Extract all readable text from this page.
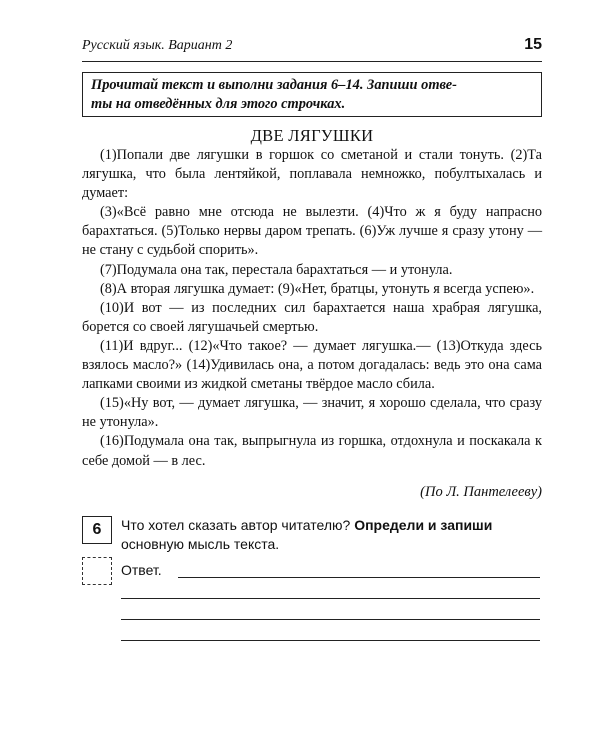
Русский язык. Вариант 2	15
Прочитай текст и выполни задания 6–14. Запиши отве-
ты на отведённых для этого строчках.
ДВЕ ЛЯГУШКИ

(1)Попали две лягушки в горшок со сметаной и стали тонуть. (2)Та лягушка, что была лентяйкой, поплавала немножко, побултыхалась и думает:

(3)«Всё равно мне отсюда не вылезти. (4)Что ж я буду напрасно барахтаться. (5)Только нервы даром трепать. (6)Уж лучше я сразу утону — не стану с судьбой спорить».

(7)Подумала она так, перестала барахтаться — и утонула.

(8)А вторая лягушка думает: (9)«Нет, братцы, утонуть я всегда успею».

(10)И вот — из последних сил барахтается наша храбрая лягушка, борется со своей лягушачьей смертью.

(11)И вдруг... (12)«Что такое? — думает лягушка.— (13)Откуда здесь взялось масло?» (14)Удивилась она, а потом догадалась: ведь это она сама лапками своими из жидкой сметаны твёрдое масло сбила.

(15)«Ну вот, — думает лягушка, — значит, я хорошо сделала, что сразу не утонула».

(16)Подумала она так, выпрыгнула из горшка, отдохнула и поскакала к себе домой — в лес.

(По Л. Пантелееву)
6	Что хотел сказать автор читателю? Определи и запиши основную мысль текста.
Ответ.
